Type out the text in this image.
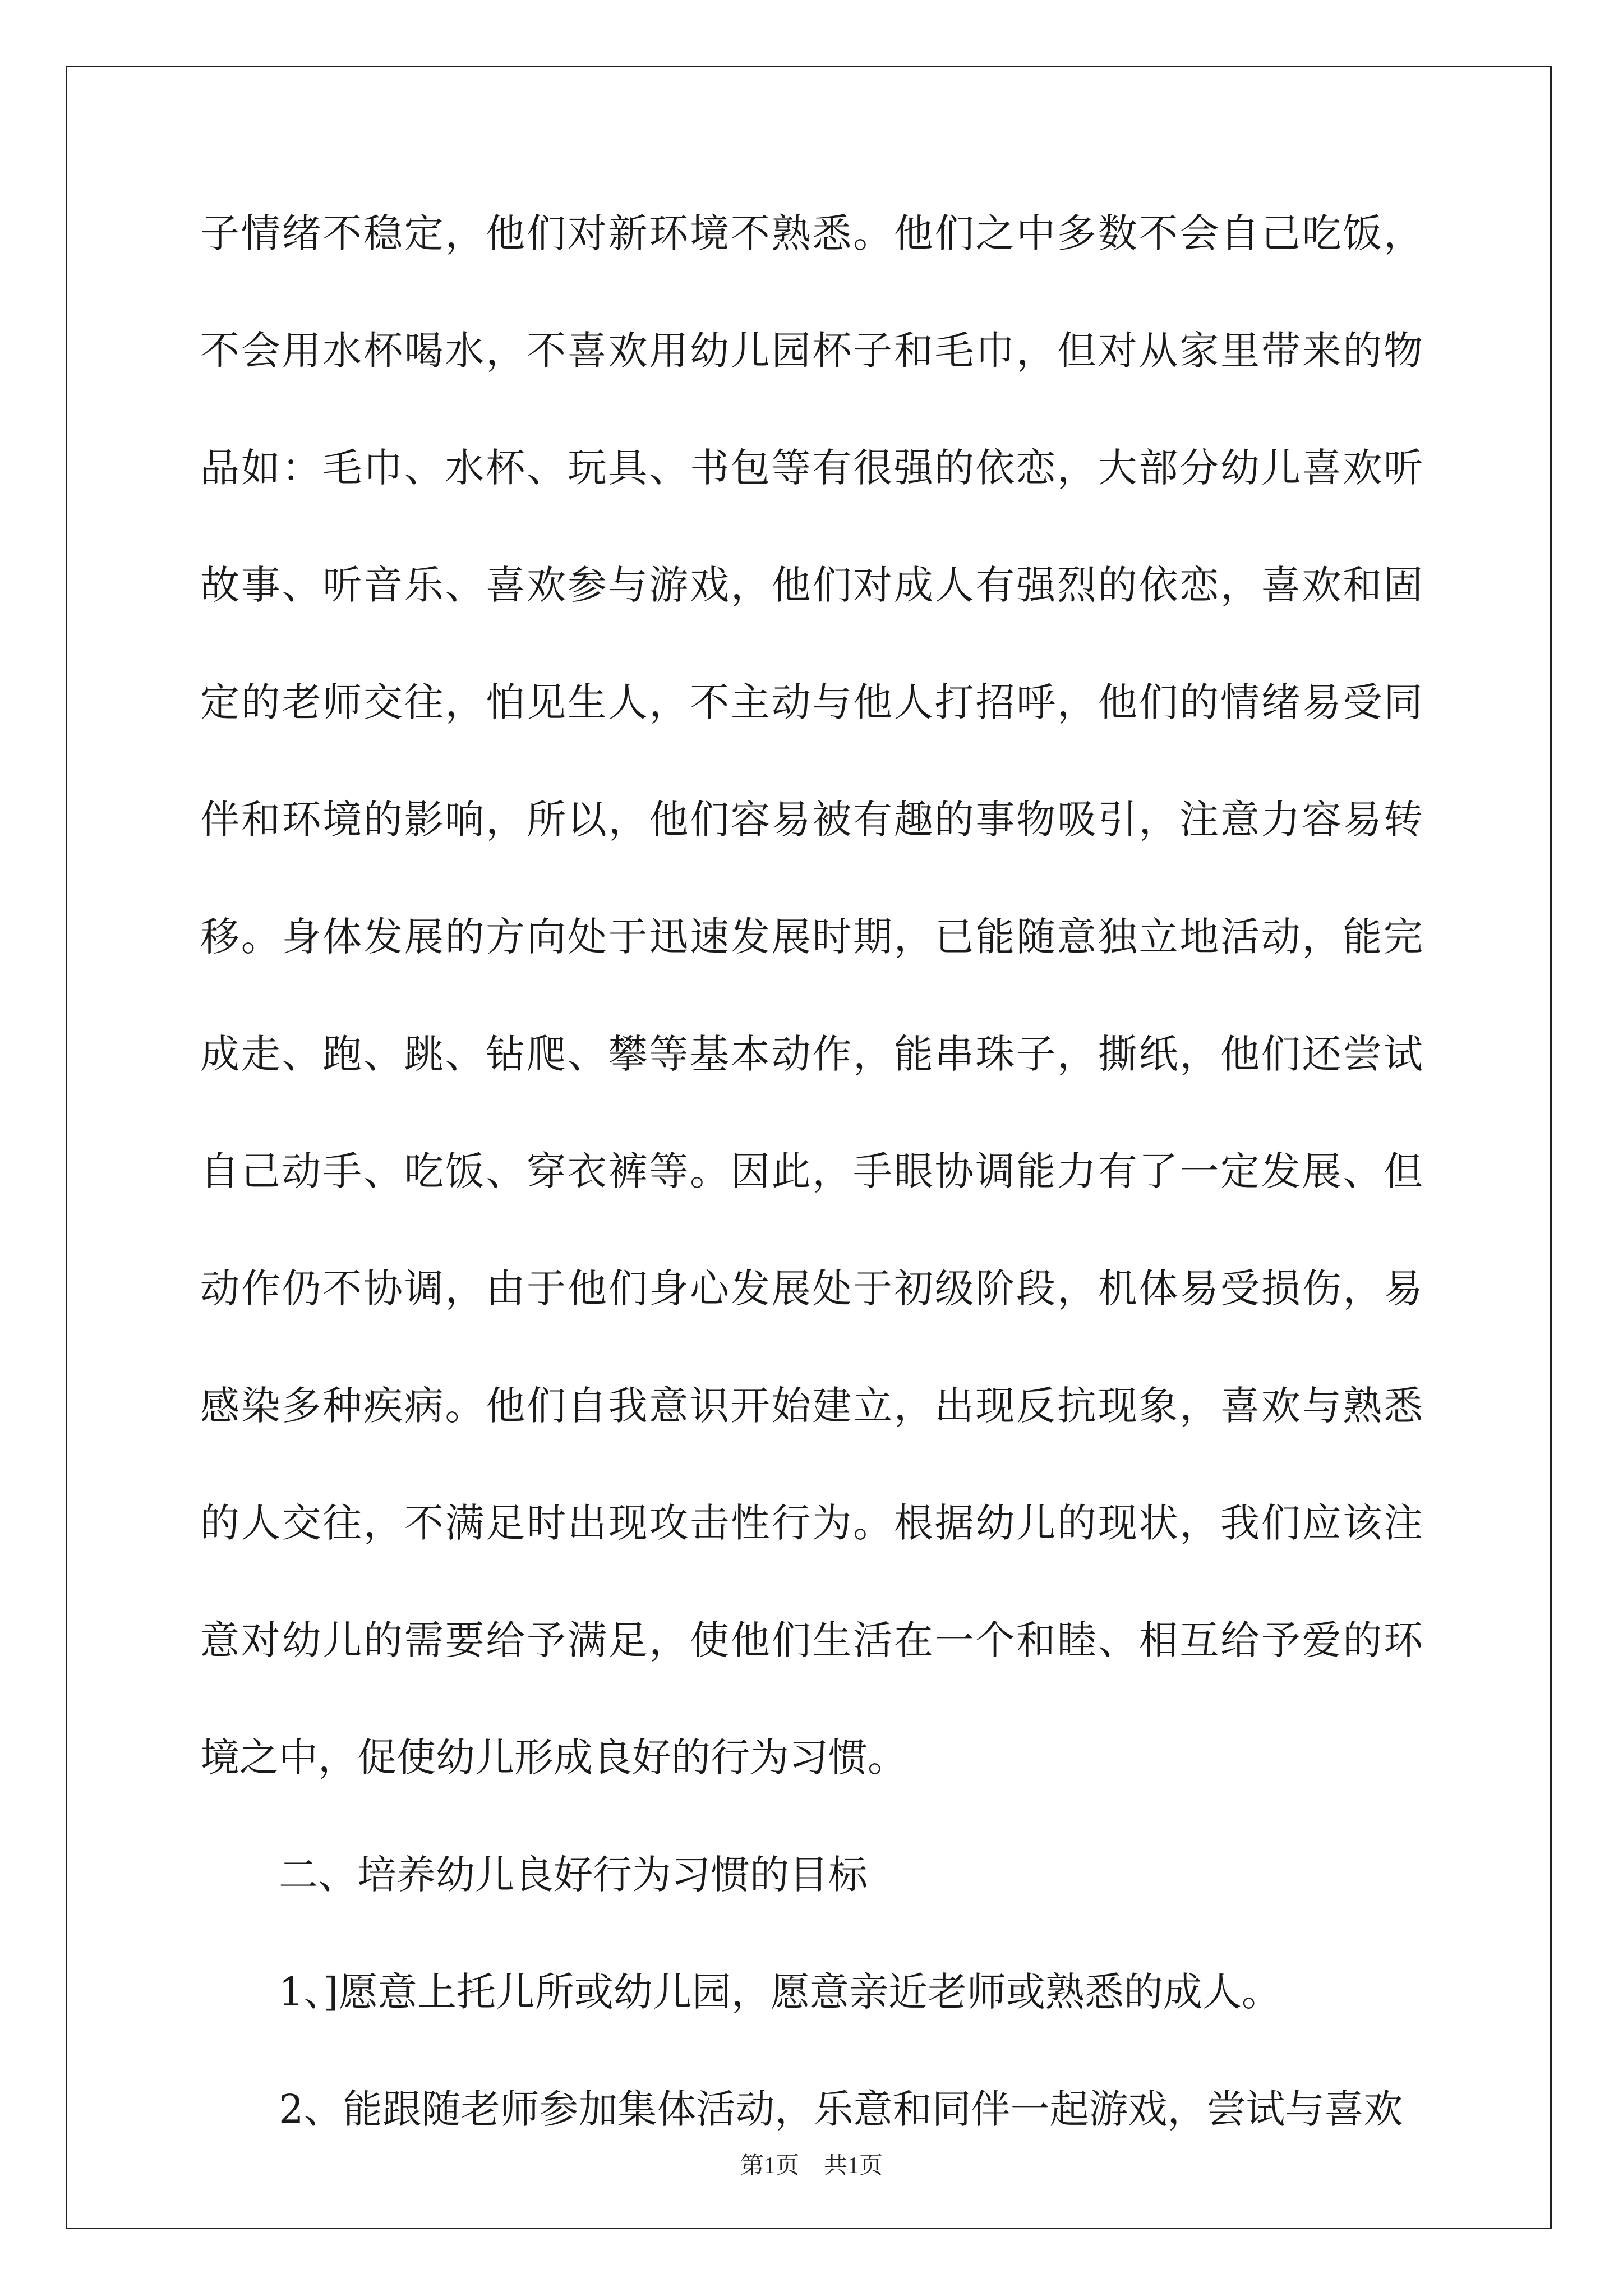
子情绪不稳定，他们对新环境不熟悉。他们之中多数不会自己吃饭，
不会用水杯喝水，不喜欢用幼儿园杯子和毛巾，但对从家里带来的物
品如：毛巾、水杯、玩具、书包等有很强的依恋，大部分幼儿喜欢听
故事、听音乐、喜欢参与游戏，他们对成人有强烈的依恋，喜欢和固
定的老师交往，怕见生人，不主动与他人打招呼，他们的情绪易受同
伴和环境的影响，所以，他们容易被有趣的事物吸引，注意力容易转
移。身体发展的方向处于迅速发展时期，已能随意独立地活动，能完
成走、跑、跳、钻爬、攀等基本动作，能串珠子，撕纸，他们还尝试
自己动手、吃饭、穿衣裤等。因此，手眼协调能力有了一定发展、但
动作仍不协调，由于他们身心发展处于初级阶段，机体易受损伤，易
感染多种疾病。他们自我意识开始建立，出现反抗现象，喜欢与熟悉
的人交往，不满足时出现攻击性行为。根据幼儿的现状，我们应该注
意对幼儿的需要给予满足，使他们生活在一个和睦、相互给予爱的环
境之中，促使幼儿形成良好的行为习惯。
二、培养幼儿良好行为习惯的目标
1、]愿意上托儿所或幼儿园，愿意亲近老师或熟悉的成人。
2、能跟随老师参加集体活动，乐意和同伴一起游戏，尝试与喜欢
第1页 共1页
